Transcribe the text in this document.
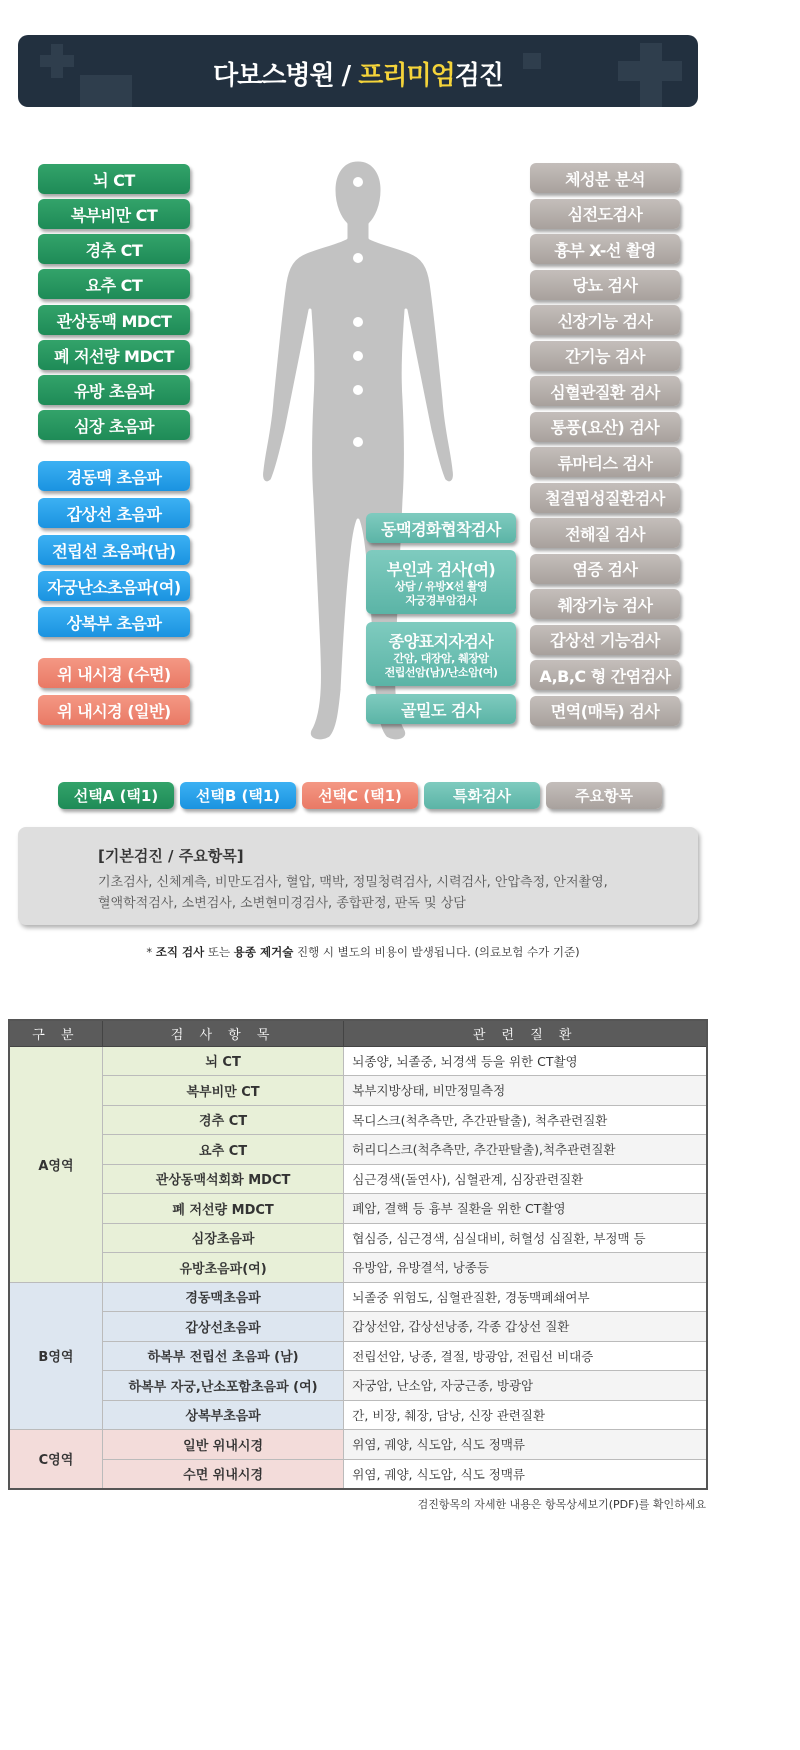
다보스병원 / 프리미엄검진
동맥경화협착검사
부인과 검사(여)
상담 / 유방X선 촬영
자궁경부암검사
종양표지자검사
간암, 대장암, 췌장암
전립선암(남)/난소암(여)
골밀도 검사
[기본검진 / 주요항목]
기초검사, 신체계측, 비만도검사, 혈압, 맥박, 정밀청력검사, 시력검사, 안압측정, 안저촬영,
혈액학적검사, 소변검사, 소변현미경검사, 종합판정, 판독 및 상담
* 조직 검사 또는 용종 제거술 진행 시 별도의 비용이 발생됩니다. (의료보험 수가 기준)
구 분	검 사 항 목	관 련 질 환
A영역	뇌 CT	뇌종양, 뇌졸중, 뇌경색 등을 위한 CT촬영
	복부비만 CT	복부지방상태, 비만정밀측정
	경추 CT	목디스크(척추측만, 추간판탈출), 척추관련질환
	요추 CT	허리디스크(척추측만, 추간판탈출),척추관련질환
	관상동맥석회화 MDCT	심근경색(돌연사), 심혈관계, 심장관련질환
	폐 저선량 MDCT	폐암, 결핵 등 흉부 질환을 위한 CT촬영
	심장초음파	협심증, 심근경색, 심실대비, 허혈성 심질환, 부정맥 등
	유방초음파(여)	유방암, 유방결석, 낭종등
B영역	경동맥초음파	뇌졸중 위험도, 심혈관질환, 경동맥폐쇄여부
	갑상선초음파	갑상선암, 갑상선낭종, 각종 갑상선 질환
	하복부 전립선 초음파 (남)	전립선암, 낭종, 결절, 방광암, 전립선 비대증
	하복부 자궁,난소포함초음파 (여)	자궁암, 난소암, 자궁근종, 방광암
	상복부초음파	간, 비장, 췌장, 담낭, 신장 관련질환
C영역	일반 위내시경	위염, 궤양, 식도암, 식도 정맥류
	수면 위내시경	위염, 궤양, 식도암, 식도 정맥류
검진항목의 자세한 내용은 항목상세보기(PDF)를 확인하세요
뇌 CT
복부비만 CT
경추 CT
요추 CT
관상동맥 MDCT
폐 저선량 MDCT
유방 초음파
심장 초음파
경동맥 초음파
갑상선 초음파
전립선 초음파(남)
자궁난소초음파(여)
상복부 초음파
위 내시경 (수면)
위 내시경 (일반)
체성분 분석
심전도검사
흉부 X-선 촬영
당뇨 검사
신장기능 검사
간기능 검사
심혈관질환 검사
통풍(요산) 검사
류마티스 검사
철결핍성질환검사
전해질 검사
염증 검사
췌장기능 검사
갑상선 기능검사
A,B,C 형 간염검사
면역(매독) 검사
선택A (택1)	선택B (택1)	선택C (택1)	특화검사	주요항목
